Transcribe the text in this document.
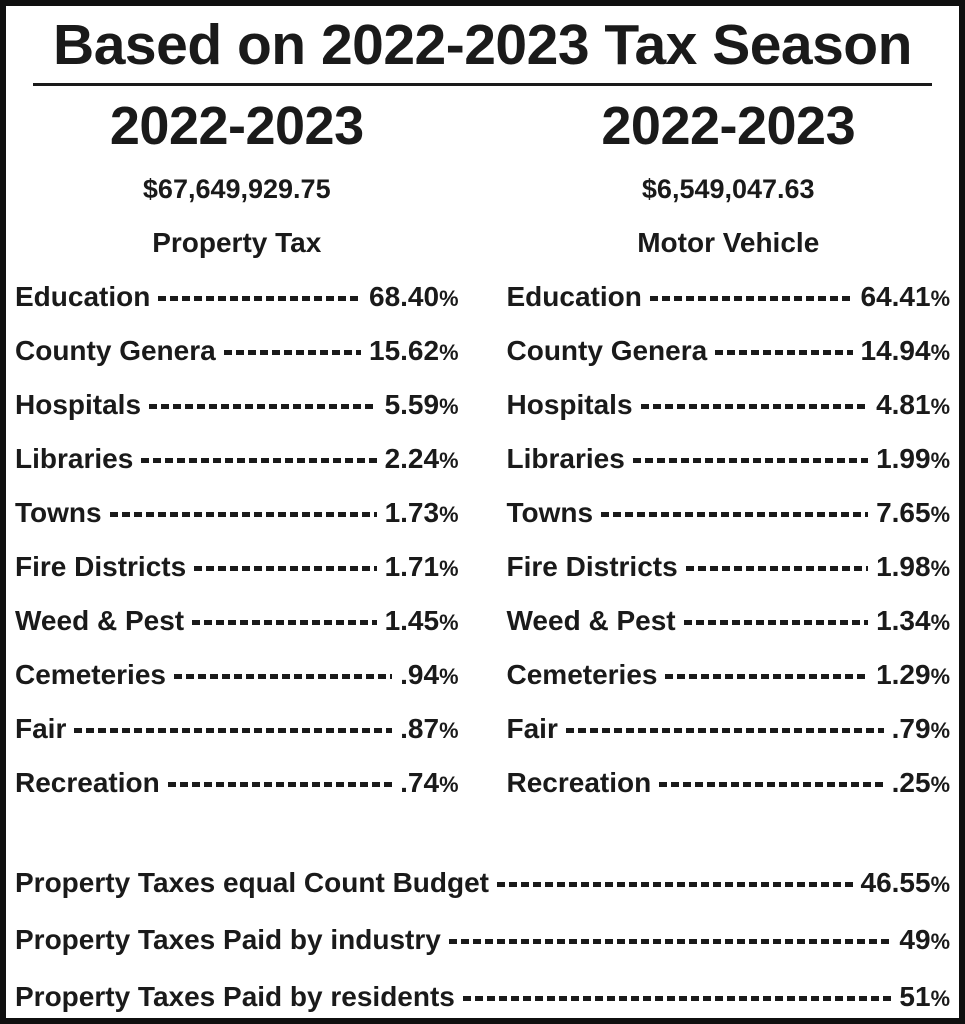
Based on 2022-2023 Tax Season
2022-2023
$67,649,929.75
Property Tax
Education	68.40%
County Genera	15.62%
Hospitals	5.59%
Libraries	2.24%
Towns	1.73%
Fire Districts	1.71%
Weed & Pest	1.45%
Cemeteries	.94%
Fair	.87%
Recreation	.74%
2022-2023
$6,549,047.63
Motor Vehicle
Education	64.41%
County Genera	14.94%
Hospitals	4.81%
Libraries	1.99%
Towns	7.65%
Fire Districts	1.98%
Weed & Pest	1.34%
Cemeteries	1.29%
Fair	.79%
Recreation	.25%
Property Taxes equal Count Budget	46.55%
Property Taxes Paid by industry	49%
Property Taxes Paid by residents	51%
